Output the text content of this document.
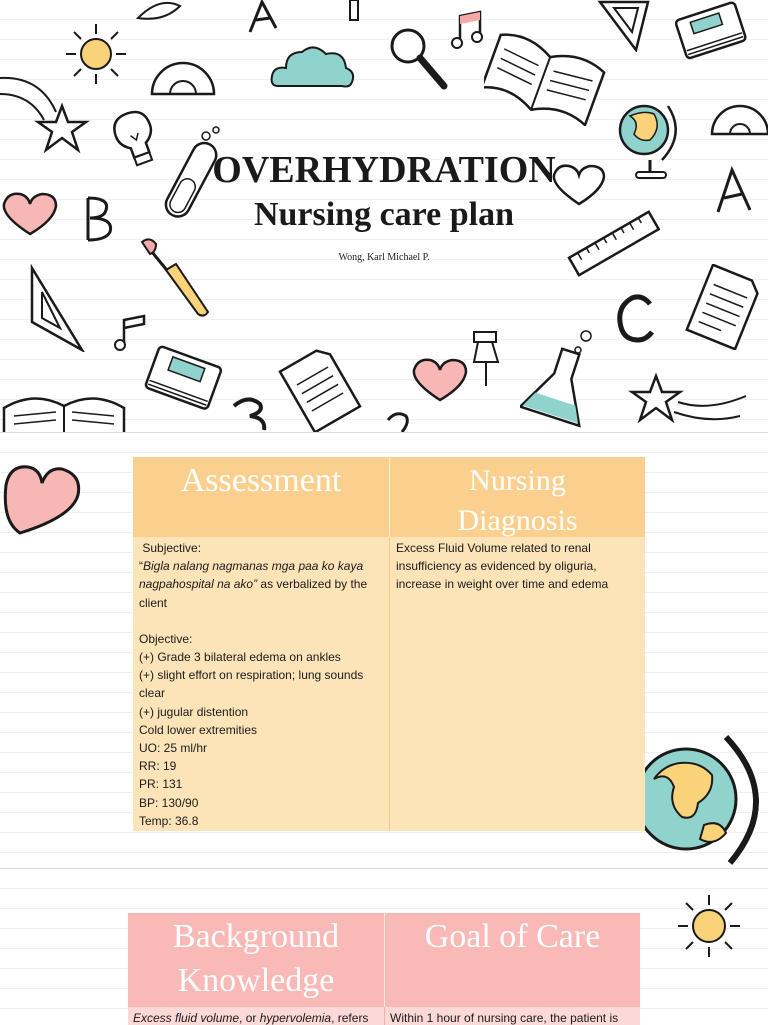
OVERHYDRATION
Nursing care plan

Wong, Karl Michael P.

Assessment	Nursing
Diagnosis

Subjective:

“Bigla nalang nagmanas mga paa ko kaya nagpahospital na ako” as verbalized by the client

Objective:

(+) Grade 3 bilateral edema on ankles

(+) slight effort on respiration; lung sounds clear

(+) jugular distention

Cold lower extremities

UO: 25 ml/hr

RR: 19

PR: 131

BP: 130/90

Temp: 36.8

Excess Fluid Volume related to renal insufficiency as evidenced by oliguria, increase in weight over time and edema

Background
Knowledge
Goal of Care
Excess fluid volume, or hypervolemia, refers	Within 1 hour of nursing care, the patient is
